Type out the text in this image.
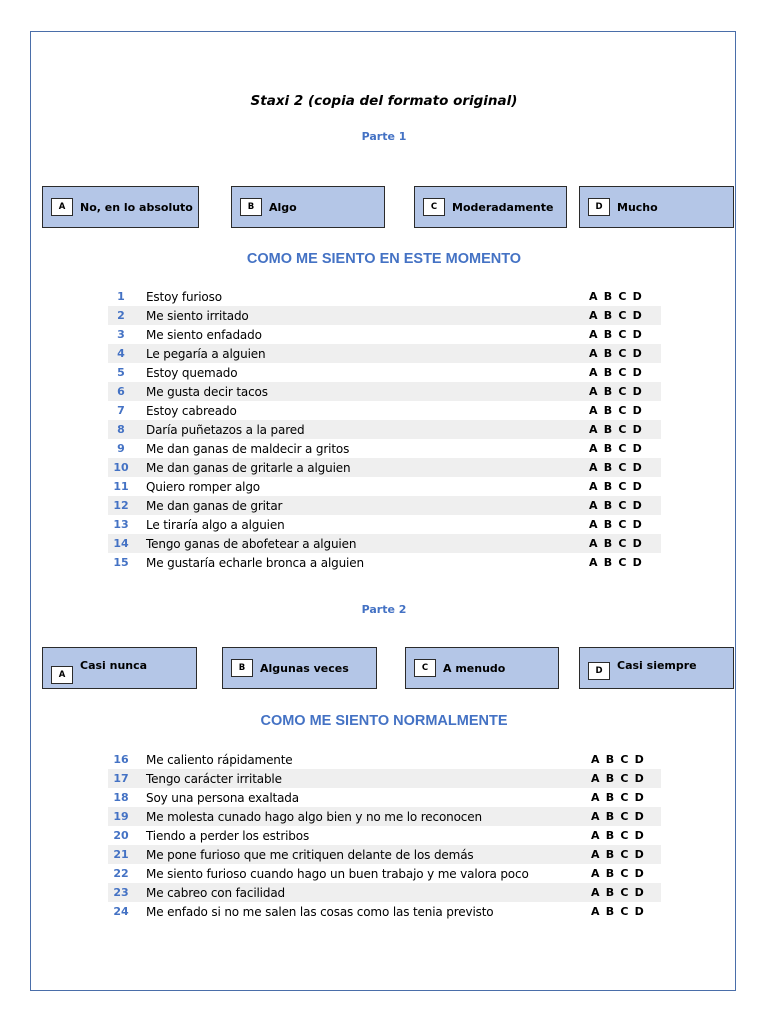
Staxi 2 (copia del formato original)
Parte 1
A	No, en lo absoluto	B	Algo	C	Moderadamente	D	Mucho
COMO ME SIENTO EN ESTE MOMENTO
1	Estoy furioso	A B C D
2	Me siento irritado	A B C D
3	Me siento enfadado	A B C D
4	Le pegaría a alguien	A B C D
5	Estoy quemado	A B C D
6	Me gusta decir tacos	A B C D
7	Estoy cabreado	A B C D
8	Daría puñetazos a la pared	A B C D
9	Me dan ganas de maldecir a gritos	A B C D
10	Me dan ganas de gritarle a alguien	A B C D
11	Quiero romper algo	A B C D
12	Me dan ganas de gritar	A B C D
13	Le tiraría algo a alguien	A B C D
14	Tengo ganas de abofetear a alguien	A B C D
15	Me gustaría echarle bronca a alguien	A B C D
Parte 2
A
Casi nunca	B	Algunas veces	C	A menudo	D	Casi siempre
COMO ME SIENTO NORMALMENTE
16	Me caliento rápidamente	A B C D
17	Tengo carácter irritable	A B C D
18	Soy una persona exaltada	A B C D
19	Me molesta cunado hago algo bien y no me lo reconocen	A B C D
20	Tiendo a perder los estribos	A B C D
21	Me pone furioso que me critiquen delante de los demás	A B C D
22	Me siento furioso cuando hago un buen trabajo y me valora poco	A B C D
23	Me cabreo con facilidad	A B C D
24	Me enfado si no me salen las cosas como las tenia previsto	A B C D
